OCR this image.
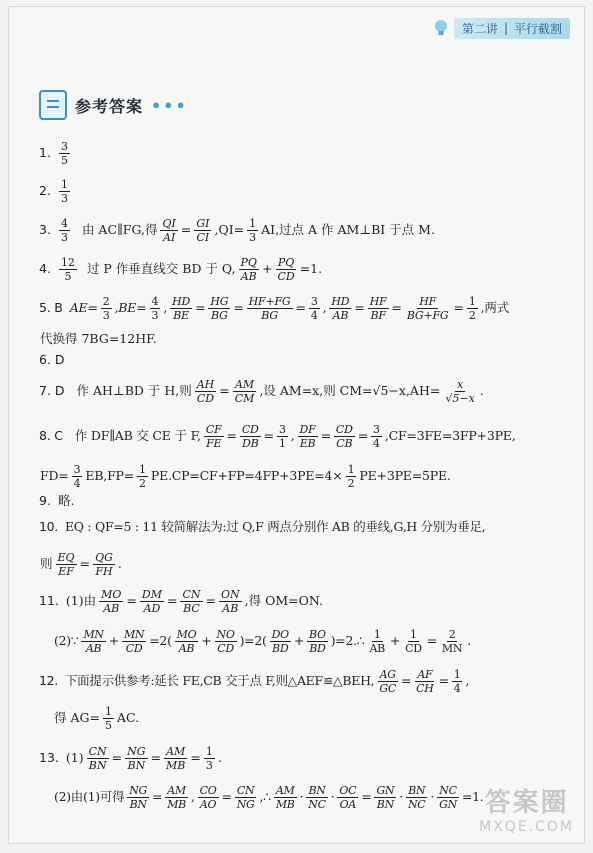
第二讲 | 平行截割
参考答案 •••
1. $\frac{3}{5}$
2. $\frac{1}{3}$
3. $\frac{4}{3}$ 由 AC∥FG,得 $\frac{QI}{AI} = \frac{GI}{CI} ,QI= \frac{1}{3}$ AI,过点 A 作 AM⊥BI 于点 M.
4. $\frac{12}{5}$ 过 P 作垂直线交 BD 于 Q, $\frac{PQ}{AB} + \frac{PQ}{CD} =1$.
5. B $AE= \frac{2}{3} ,BE= \frac{4}{3}$ , $\frac{HD}{BE} = \frac{HG}{BG} = \frac{HF+FG}{BG} = \frac{3}{4}$ , $\frac{HD}{AB} = \frac{HF}{BF} = \frac{HF}{BG+FG} = \frac{1}{2}$ ,两式
代换得 7BG=12HF.
6. D
7. D 作 AH⊥BD 于 H,则 $\frac{AH}{CD} = \frac{AM}{CM}$ ,设 AM=x,则 $CM=√5-x,AH= \frac{x}{√5-x}$ .
8. C 作 DF∥AB 交 CE 于 F, $\frac{CF}{FE} = \frac{CD}{DB} = \frac{3}{1}$ , $\frac{DF}{EB} = \frac{CD}{CB} = \frac{3}{4} ,CF=3FE=3FP+3PE$,
$FD= \frac{3}{4} EB,FP= \frac{1}{2} PE.CP=CF+FP=4FP+3PE=4\times \frac{1}{2} PE+3PE=5PE$.
9. 略.
10. EQ : QF=5 : 11 较简解法为:过 Q,F 两点分别作 AB 的垂线,G,H 分别为垂足,
则 $\frac{EQ}{EF} = \frac{QG}{FH}$ .
11. (1)由 $\frac{MO}{AB} = \frac{DM}{AD} = \frac{CN}{BC} = \frac{ON}{AB}$ ,得 OM=ON.
(2)∵ $\frac{MN}{AB} + \frac{MN}{CD} =2( \frac{MO}{AB} + \frac{NO}{CD} )=2( \frac{DO}{BD} + \frac{BO}{BD}$ )=2.∴ $\frac{1}{AB} + \frac{1}{CD} = \frac{2}{MN}$ .
12. 下面提示供参考:延长 FE,CB 交于点 F,则△AEF≌△BEH, $\frac{AG}{GC} = \frac{AF}{CH} = \frac{1}{4}$ ,
得 $AG= \frac{1}{5}$ AC.
13. $(1) \frac{CN}{BN} = \frac{NG}{BN} = \frac{AM}{MB} = \frac{1}{3}$ .
(2)由(1)可得 $\frac{NG}{BN} = \frac{AM}{MB}$ , $\frac{CO}{AO} = \frac{CN}{NG}$ ,∴ $\frac{AM}{MB} \cdot \frac{BN}{NC} \cdot \frac{OC}{OA} = \frac{GN}{BN} \cdot \frac{BN}{NC} \cdot \frac{NC}{GN} =1$. 答案圈
MXQE.COM
